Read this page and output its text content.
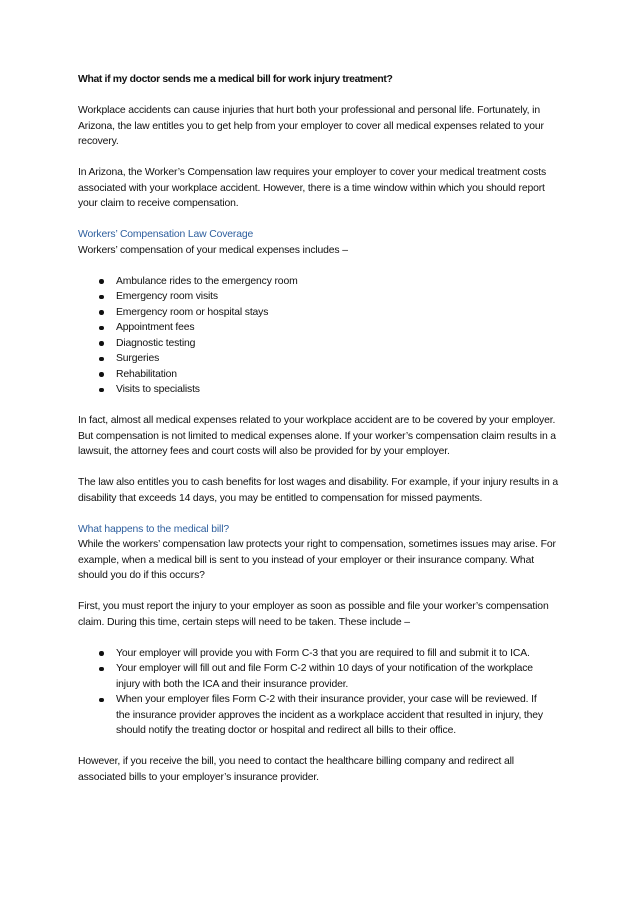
What if my doctor sends me a medical bill for work injury treatment?

Workplace accidents can cause injuries that hurt both your professional and personal life. Fortunately, in Arizona, the law entitles you to get help from your employer to cover all medical expenses related to your recovery.

In Arizona, the Worker’s Compensation law requires your employer to cover your medical treatment costs associated with your workplace accident. However, there is a time window within which you should report your claim to receive compensation.

Workers’ Compensation Law Coverage
Workers’ compensation of your medical expenses includes –
Ambulance rides to the emergency room
Emergency room visits
Emergency room or hospital stays
Appointment fees
Diagnostic testing
Surgeries
Rehabilitation
Visits to specialists

In fact, almost all medical expenses related to your workplace accident are to be covered by your employer. But compensation is not limited to medical expenses alone. If your worker’s compensation claim results in a lawsuit, the attorney fees and court costs will also be provided for by your employer.

The law also entitles you to cash benefits for lost wages and disability. For example, if your injury results in a disability that exceeds 14 days, you may be entitled to compensation for missed payments.

What happens to the medical bill?

While the workers’ compensation law protects your right to compensation, sometimes issues may arise. For example, when a medical bill is sent to you instead of your employer or their insurance company. What should you do if this occurs?

First, you must report the injury to your employer as soon as possible and file your worker’s compensation claim. During this time, certain steps will need to be taken. These include –

Your employer will provide you with Form C-3 that you are required to fill and submit it to ICA.
Your employer will fill out and file Form C-2 within 10 days of your notification of the workplace injury with both the ICA and their insurance provider.
When your employer files Form C-2 with their insurance provider, your case will be reviewed. If the insurance provider approves the incident as a workplace accident that resulted in injury, they should notify the treating doctor or hospital and redirect all bills to their office.

However, if you receive the bill, you need to contact the healthcare billing company and redirect all associated bills to your employer’s insurance provider.
